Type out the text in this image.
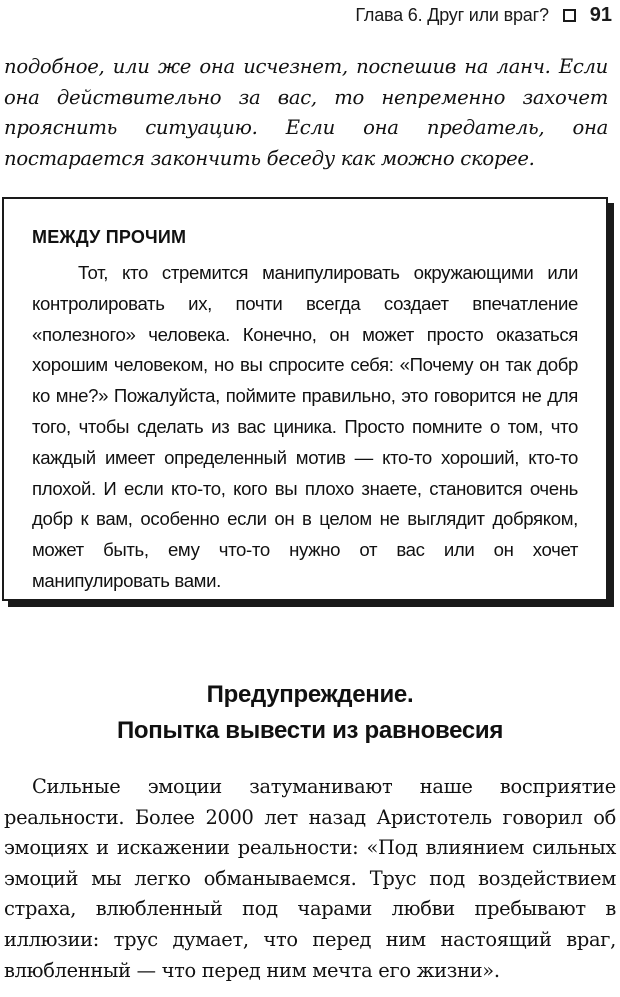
Глава 6. Друг или враг? 91

подобное, или же она исчезнет, поспешив на ланч. Если она действительно за вас, то непременно захочет прояснить ситуацию. Если она предатель, она постарается закончить беседу как можно скорее.

МЕЖДУ ПРОЧИМ

Тот, кто стремится манипулировать окружающими или контролировать их, почти всегда создает впечатление «полезного» человека. Конечно, он может просто оказаться хорошим человеком, но вы спросите себя: «Почему он так добр ко мне?» Пожалуйста, поймите правильно, это говорится не для того, чтобы сделать из вас циника. Просто помните о том, что каждый имеет определенный мотив — кто-то хороший, кто-то плохой. И если кто-то, кого вы плохо знаете, становится очень добр к вам, особенно если он в целом не выглядит добряком, может быть, ему что-то нужно от вас или он хочет манипулировать вами.

Предупреждение.
Попытка вывести из равновесия

Сильные эмоции затуманивают наше восприятие реальности. Более 2000 лет назад Аристотель говорил об эмоциях и искажении реальности: «Под влиянием сильных эмоций мы легко обманываемся. Трус под воздействием страха, влюбленный под чарами любви пребывают в иллюзии: трус думает, что перед ним настоящий враг, влюбленный — что перед ним мечта его жизни».
